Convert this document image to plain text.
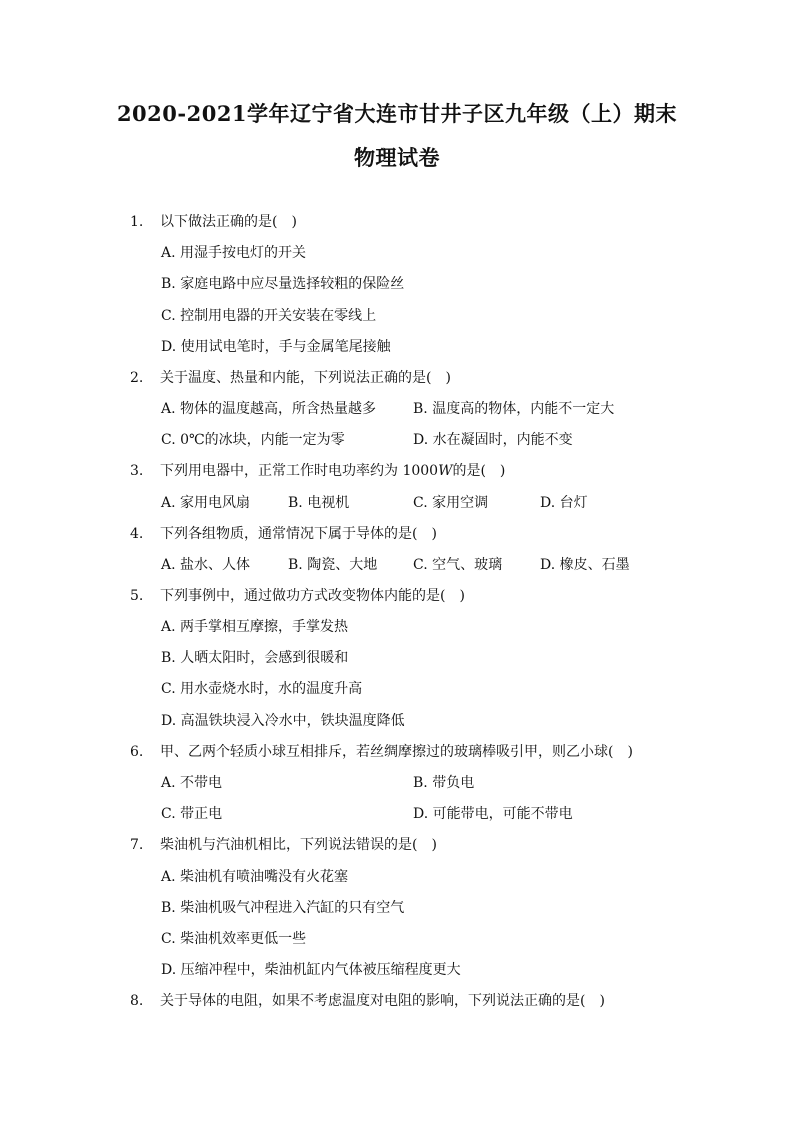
2020-2021学年辽宁省大连市甘井子区九年级（上）期末
物理试卷
1. 以下做法正确的是(　)
A. 用湿手按电灯的开关
B. 家庭电路中应尽量选择较粗的保险丝
C. 控制用电器的开关安装在零线上
D. 使用试电笔时，手与金属笔尾接触
2. 关于温度、热量和内能，下列说法正确的是(　)
A. 物体的温度越高，所含热量越多	B. 温度高的物体，内能不一定大
C. 0℃的冰块，内能一定为零	D. 水在凝固时，内能不变
3. 下列用电器中，正常工作时电功率约为 1000W的是(　)
A. 家用电风扇	B. 电视机	C. 家用空调	D. 台灯
4. 下列各组物质，通常情况下属于导体的是(　)
A. 盐水、人体	B. 陶瓷、大地	C. 空气、玻璃	D. 橡皮、石墨
5. 下列事例中，通过做功方式改变物体内能的是(　)
A. 两手掌相互摩擦，手掌发热
B. 人晒太阳时，会感到很暖和
C. 用水壶烧水时，水的温度升高
D. 高温铁块浸入冷水中，铁块温度降低
6. 甲、乙两个轻质小球互相排斥，若丝绸摩擦过的玻璃棒吸引甲，则乙小球(　)
A. 不带电	B. 带负电
C. 带正电	D. 可能带电，可能不带电
7. 柴油机与汽油机相比，下列说法错误的是(　)
A. 柴油机有喷油嘴没有火花塞
B. 柴油机吸气冲程进入汽缸的只有空气
C. 柴油机效率更低一些
D. 压缩冲程中，柴油机缸内气体被压缩程度更大
8. 关于导体的电阻，如果不考虑温度对电阻的影响，下列说法正确的是(　)
